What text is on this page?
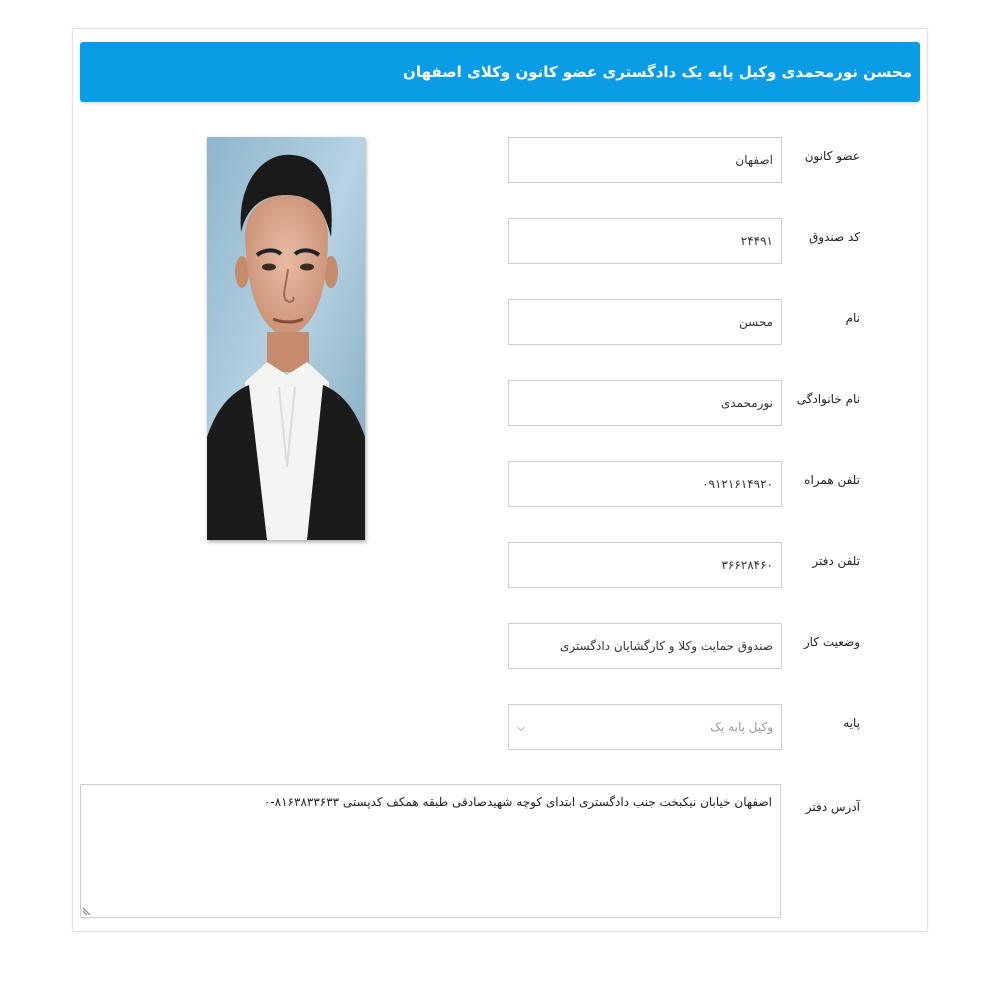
محسن نورمحمدی وکیل پایه یک دادگستری عضو کانون وکلای اصفهان
عضو کانون
اصفهان
کد صندوق
۲۴۴۹۱
نام
محسن
نام خانوادگی
نورمحمدی
تلفن همراه
۰۹۱۲۱۶۱۴۹۲۰
تلفن دفتر
۳۶۶۲۸۴۶۰
وضعیت کار
صندوق حمایت وکلا و کارگشایان دادگستری
پایه
وکیل پایه یک
⌵
آدرس دفتر
اصفهان خیابان نیکبخت جنب دادگستری ابتدای کوچه شهیدصادقی طبقه همکف کدپستی ۸۱۶۳۸۳۳۶۳۳-۰
